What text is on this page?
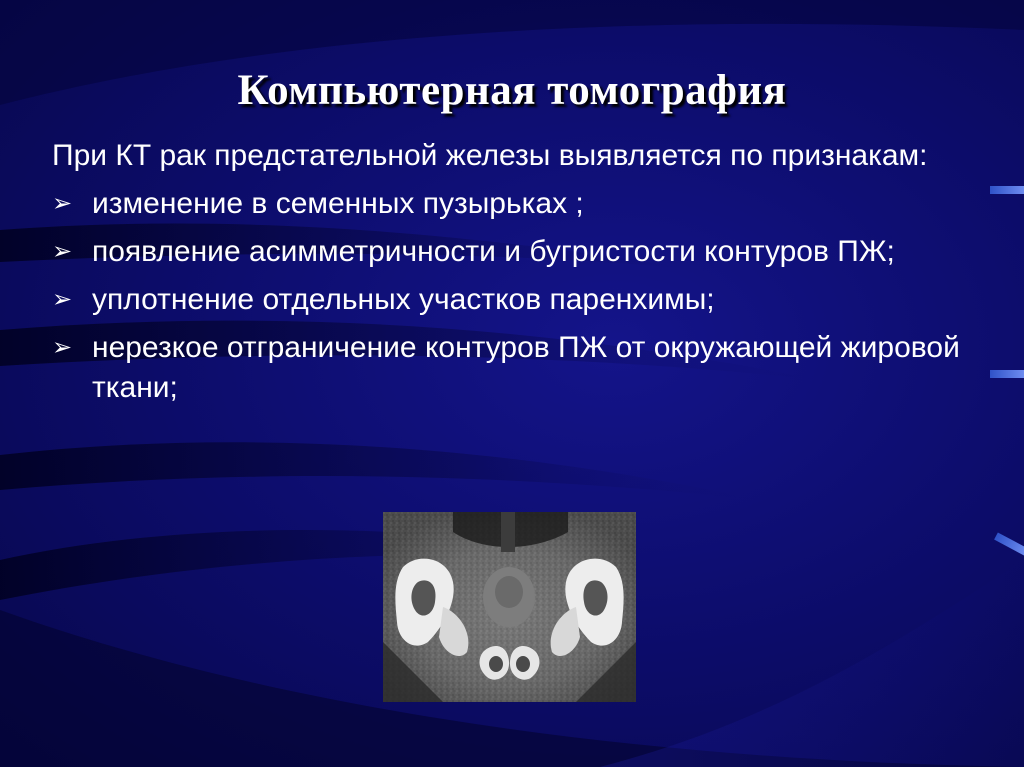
Компьютерная томография

При КТ рак предстательной железы выявляется по признакам:

➢ изменение в семенных пузырьках ;
➢ появление асимметричности и бугристости контуров ПЖ;
➢ уплотнение отдельных участков паренхимы;
➢ нерезкое отграничение контуров ПЖ от окружающей жировой ткани;
